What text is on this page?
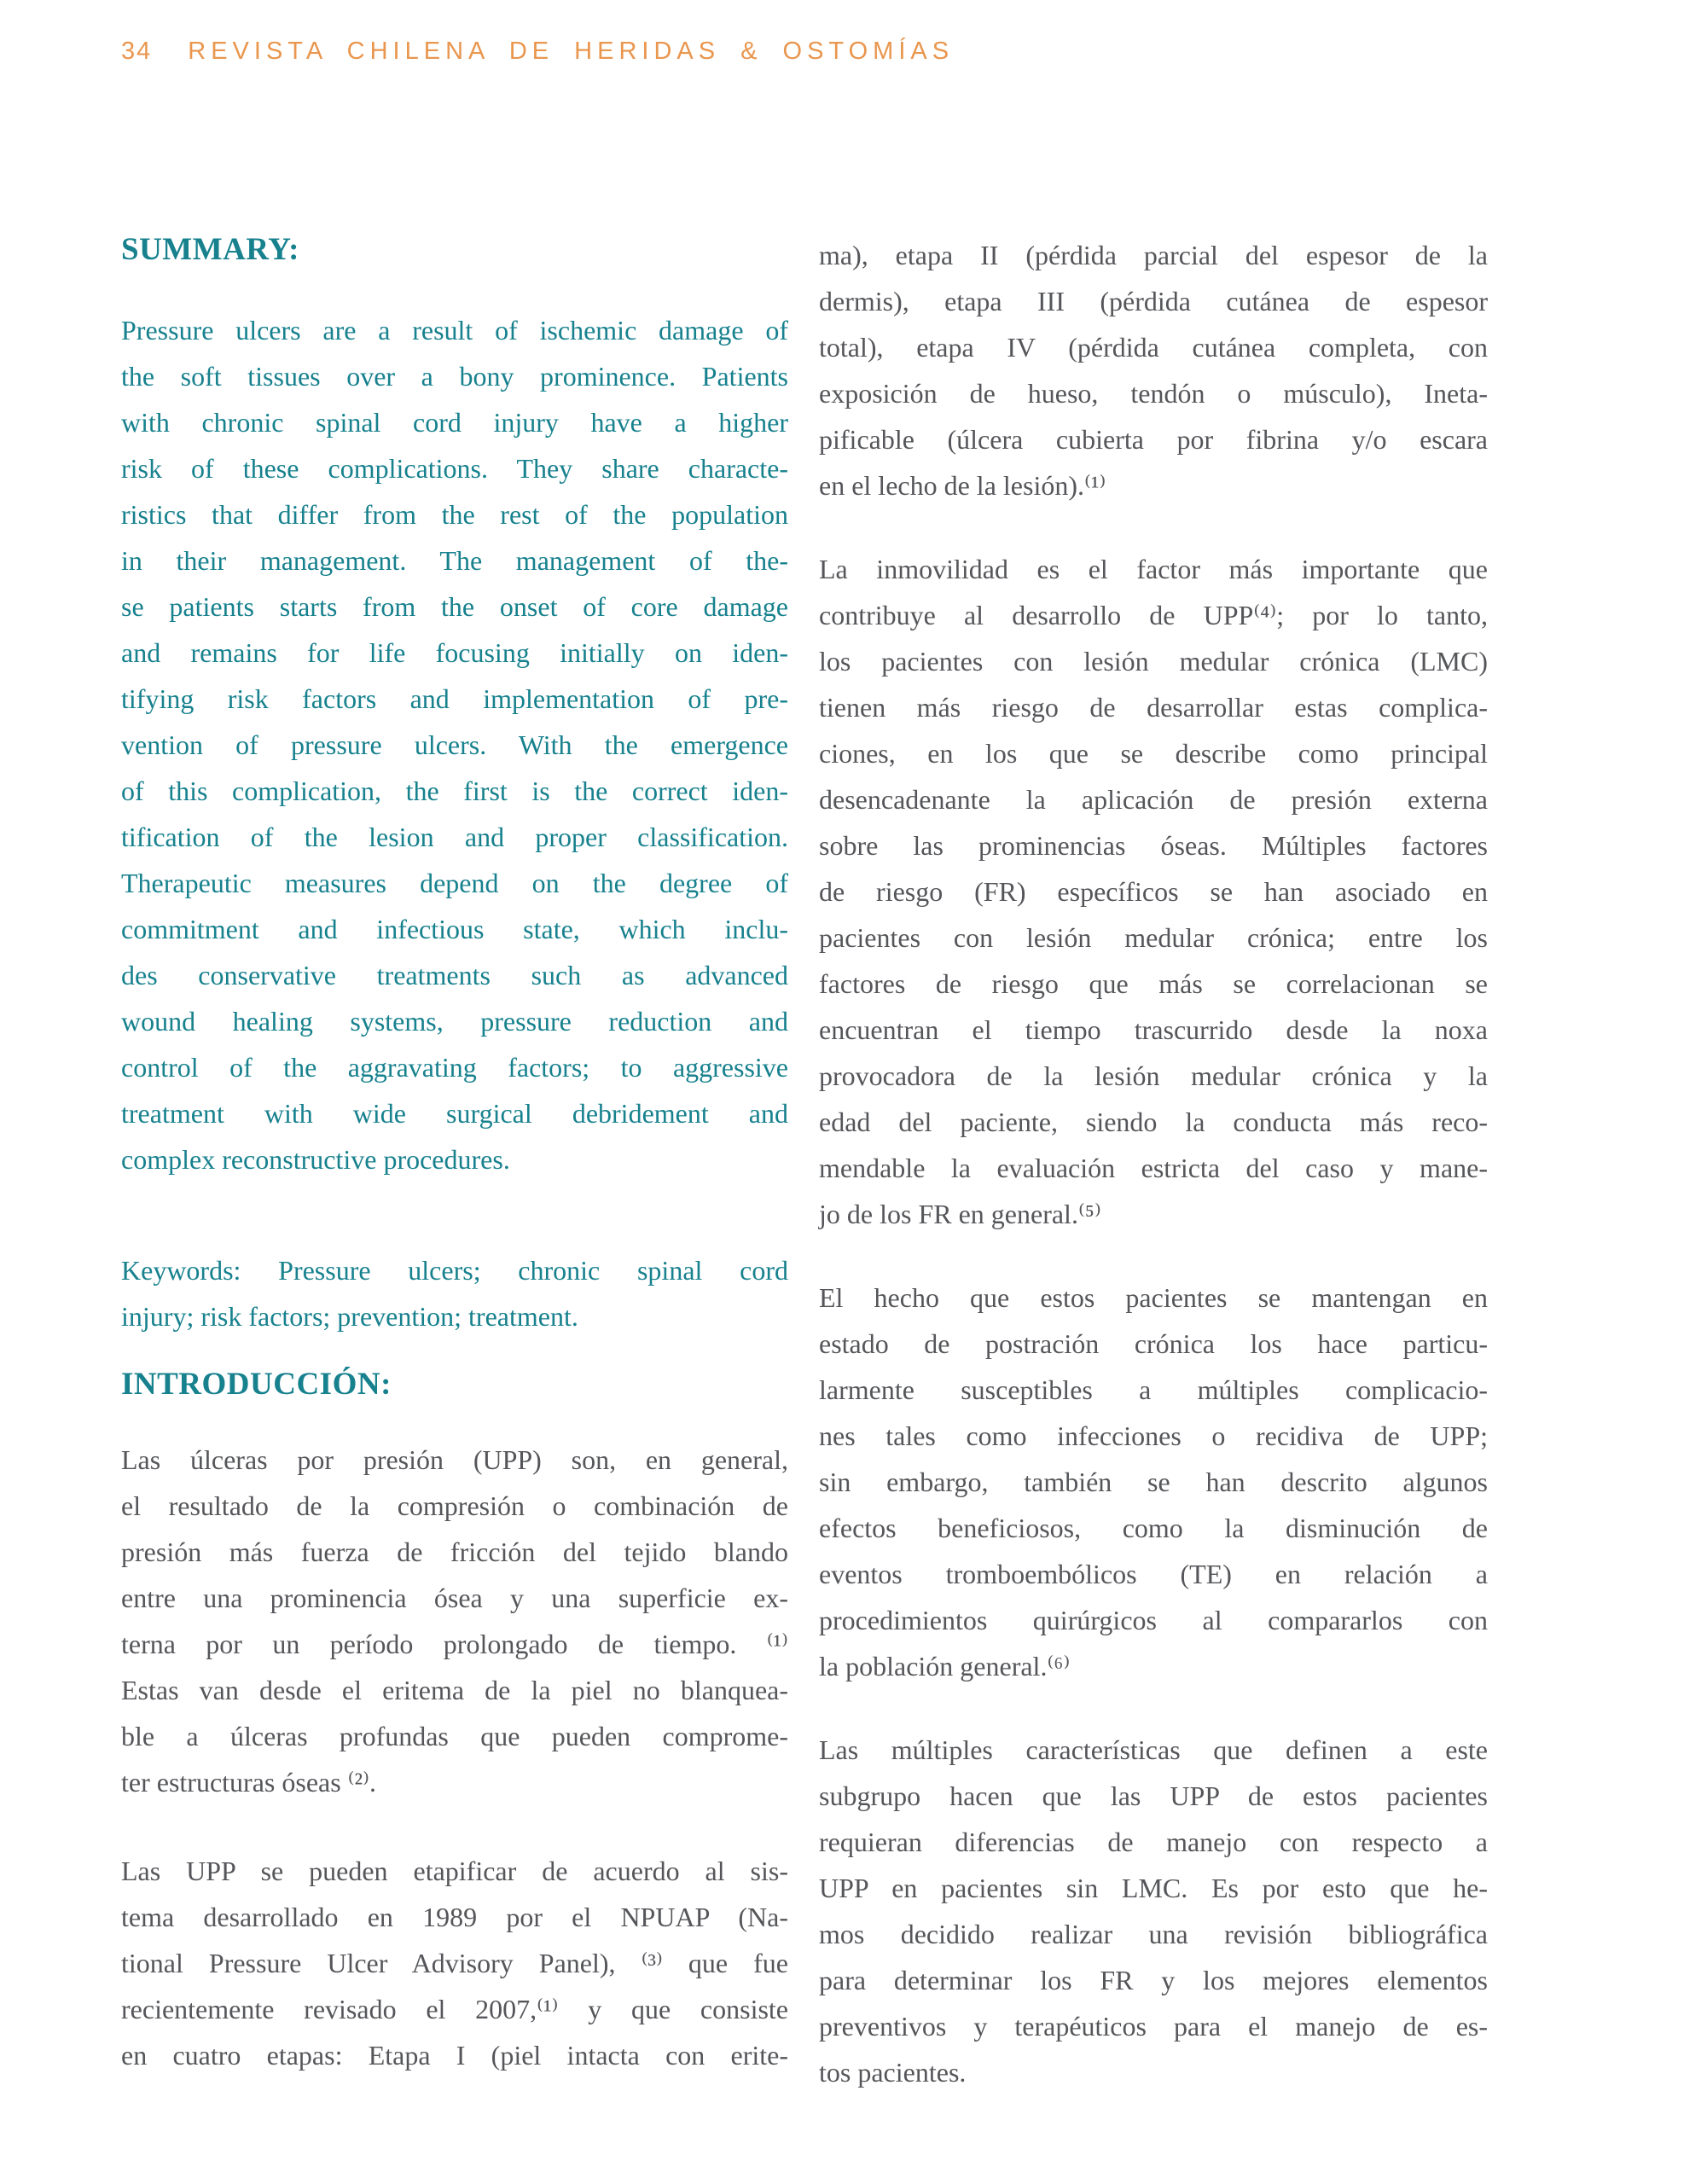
34 REVISTA CHILENA DE HERIDAS & OSTOMÍAS
SUMMARY:
Pressure ulcers are a result of ischemic damage of
the soft tissues over a bony prominence. Patients
with chronic spinal cord injury have a higher
risk of these complications. They share characte-
ristics that differ from the rest of the population
in their management. The management of the-
se patients starts from the onset of core damage
and remains for life focusing initially on iden-
tifying risk factors and implementation of pre-
vention of pressure ulcers. With the emergence
of this complication, the first is the correct iden-
tification of the lesion and proper classification.
Therapeutic measures depend on the degree of
commitment and infectious state, which inclu-
des conservative treatments such as advanced
wound healing systems, pressure reduction and
control of the aggravating factors; to aggressive
treatment with wide surgical debridement and
complex reconstructive procedures.
Keywords: Pressure ulcers; chronic spinal cord
injury; risk factors; prevention; treatment.
INTRODUCCIÓN:
Las úlceras por presión (UPP) son, en general,
el resultado de la compresión o combinación de
presión más fuerza de fricción del tejido blando
entre una prominencia ósea y una superficie ex-
terna por un período prolongado de tiempo. ⁽¹⁾
Estas van desde el eritema de la piel no blanquea-
ble a úlceras profundas que pueden comprome-
ter estructuras óseas ⁽²⁾.
Las UPP se pueden etapificar de acuerdo al sis-
tema desarrollado en 1989 por el NPUAP (Na-
tional Pressure Ulcer Advisory Panel), ⁽³⁾ que fue
recientemente revisado el 2007,⁽¹⁾ y que consiste
en cuatro etapas: Etapa I (piel intacta con erite-
ma), etapa II (pérdida parcial del espesor de la
dermis), etapa III (pérdida cutánea de espesor
total), etapa IV (pérdida cutánea completa, con
exposición de hueso, tendón o músculo), Ineta-
pificable (úlcera cubierta por fibrina y/o escara
en el lecho de la lesión).⁽¹⁾
La inmovilidad es el factor más importante que
contribuye al desarrollo de UPP⁽⁴⁾; por lo tanto,
los pacientes con lesión medular crónica (LMC)
tienen más riesgo de desarrollar estas complica-
ciones, en los que se describe como principal
desencadenante la aplicación de presión externa
sobre las prominencias óseas. Múltiples factores
de riesgo (FR) específicos se han asociado en
pacientes con lesión medular crónica; entre los
factores de riesgo que más se correlacionan se
encuentran el tiempo trascurrido desde la noxa
provocadora de la lesión medular crónica y la
edad del paciente, siendo la conducta más reco-
mendable la evaluación estricta del caso y mane-
jo de los FR en general.⁽⁵⁾
El hecho que estos pacientes se mantengan en
estado de postración crónica los hace particu-
larmente susceptibles a múltiples complicacio-
nes tales como infecciones o recidiva de UPP;
sin embargo, también se han descrito algunos
efectos beneficiosos, como la disminución de
eventos tromboembólicos (TE) en relación a
procedimientos quirúrgicos al compararlos con
la población general.⁽⁶⁾
Las múltiples características que definen a este
subgrupo hacen que las UPP de estos pacientes
requieran diferencias de manejo con respecto a
UPP en pacientes sin LMC. Es por esto que he-
mos decidido realizar una revisión bibliográfica
para determinar los FR y los mejores elementos
preventivos y terapéuticos para el manejo de es-
tos pacientes.
